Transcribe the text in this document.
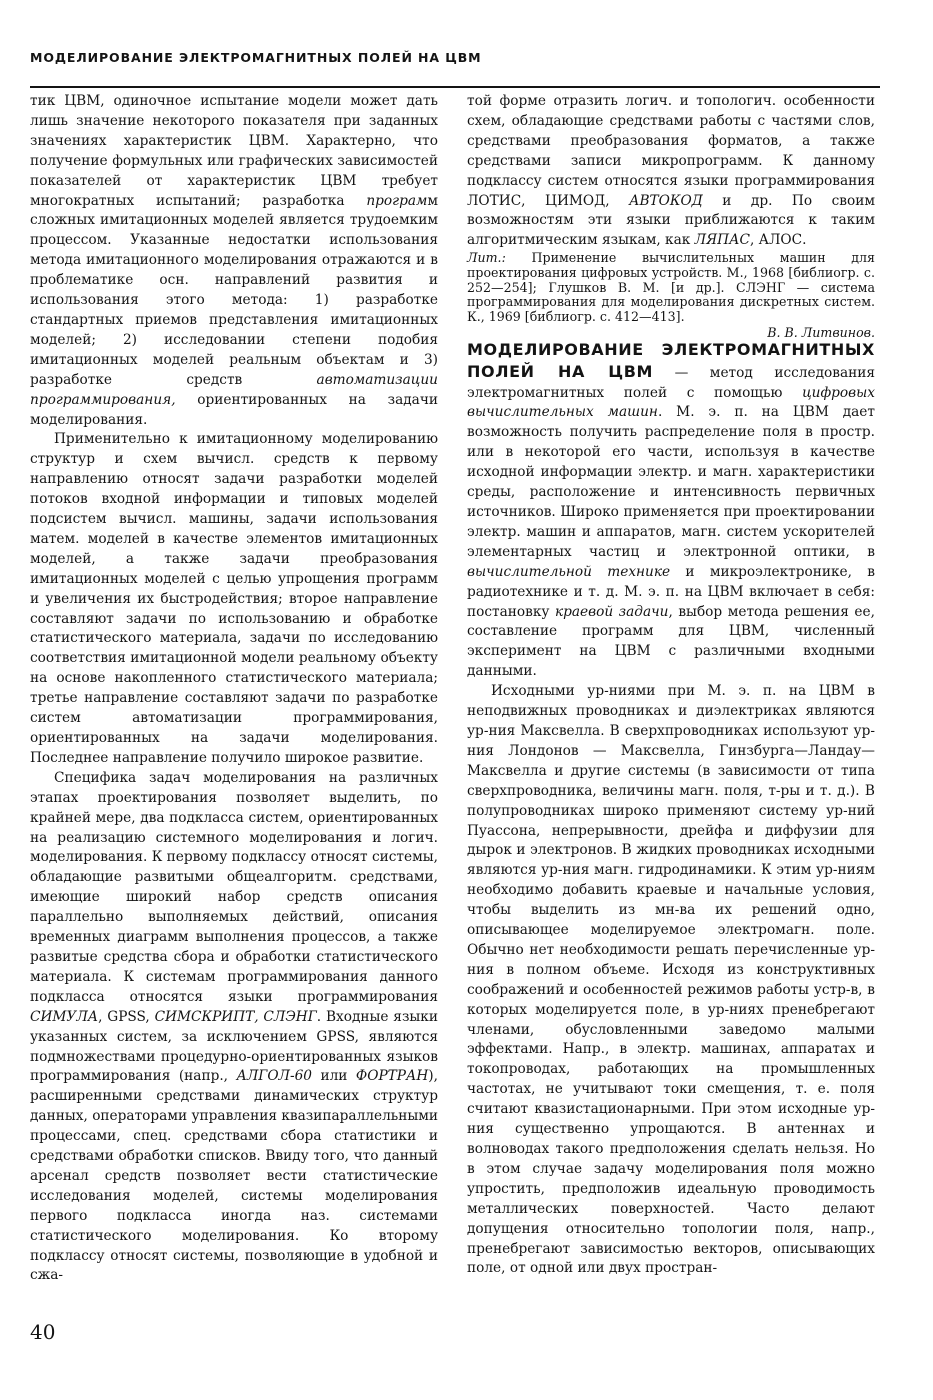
МОДЕЛИРОВАНИЕ ЭЛЕКТРОМАГНИТНЫХ ПОЛЕЙ НА ЦВМ

тик ЦВМ, одиночное испытание модели может дать лишь значение некоторого показателя при заданных значениях характеристик ЦВМ. Характерно, что получение формульных или графических зависимостей показателей от характеристик ЦВМ требует многократных испытаний; разработка программ сложных имитационных моделей является трудоемким процессом. Указанные недостатки использования метода имитационного моделирования отражаются и в проблематике осн. направлений развития и использования этого метода: 1) разработке стандартных приемов представления имитационных моделей; 2) исследовании степени подобия имитационных моделей реальным объектам и 3) разработке средств автоматизации программирования, ориентированных на задачи моделирования.

Применительно к имитационному моделированию структур и схем вычисл. средств к первому направлению относят задачи разработки моделей потоков входной информации и типовых моделей подсистем вычисл. машины, задачи использования матем. моделей в качестве элементов имитационных моделей, а также задачи преобразования имитационных моделей с целью упрощения программ и увеличения их быстродействия; второе направление составляют задачи по использованию и обработке статистического материала, задачи по исследованию соответствия имитационной модели реальному объекту на основе накопленного статистического материала; третье направление составляют задачи по разработке систем автоматизации программирования, ориентированных на задачи моделирования. Последнее направление получило широкое развитие.

Специфика задач моделирования на различных этапах проектирования позволяет выделить, по крайней мере, два подкласса систем, ориентированных на реализацию системного моделирования и логич. моделирования. К первому подклассу относят системы, обладающие развитыми общеалгоритм. средствами, имеющие широкий набор средств описания параллельно выполняемых действий, описания временных диаграмм выполнения процессов, а также развитые средства сбора и обработки статистического материала. К системам программирования данного подкласса относятся языки программирования СИМУЛА, GPSS, СИМСКРИПТ, СЛЭНГ. Входные языки указанных систем, за исключением GPSS, являются подмножествами процедурно-ориентированных языков программирования (напр., АЛГОЛ-60 или ФОРТРАН), расширенными средствами динамических структур данных, операторами управления квазипараллельными процессами, спец. средствами сбора статистики и средствами обработки списков. Ввиду того, что данный арсенал средств позволяет вести статистические исследования моделей, системы моделирования первого подкласса иногда наз. системами статистического моделирования. Ко второму подклассу относят системы, позволяющие в удобной и сжа-

той форме отразить логич. и топологич. особенности схем, обладающие средствами работы с частями слов, средствами преобразования форматов, а также средствами записи микропрограмм. К данному подклассу систем относятся языки программирования ЛОТИС, ЦИМОД, АВТОКОД и др. По своим возможностям эти языки приближаются к таким алгоритмическим языкам, как ЛЯПАС, АЛОС.

Лит.: Применение вычислительных машин для проектирования цифровых устройств. М., 1968 [библиогр. с. 252—254]; Глушков В. М. [и др.]. СЛЭНГ — система программирования для моделирования дискретных систем. К., 1969 [библиогр. с. 412—413].

В. В. Литвинов.

МОДЕЛИРОВАНИЕ ЭЛЕКТРОМАГНИТНЫХ ПОЛЕЙ НА ЦВМ — метод исследования электромагнитных полей с помощью цифровых вычислительных машин. М. э. п. на ЦВМ дает возможность получить распределение поля в простр. или в некоторой его части, используя в качестве исходной информации электр. и магн. характеристики среды, расположение и интенсивность первичных источников. Широко применяется при проектировании электр. машин и аппаратов, магн. систем ускорителей элементарных частиц и электронной оптики, в вычислительной технике и микроэлектронике, в радиотехнике и т. д. М. э. п. на ЦВМ включает в себя: постановку краевой задачи, выбор метода решения ее, составление программ для ЦВМ, численный эксперимент на ЦВМ с различными входными данными.

Исходными ур-ниями при М. э. п. на ЦВМ в неподвижных проводниках и диэлектриках являются ур-ния Максвелла. В сверхпроводниках используют ур-ния Лондонов — Максвелла, Гинзбурга—Ландау—Максвелла и другие системы (в зависимости от типа сверхпроводника, величины магн. поля, т-ры и т. д.). В полупроводниках широко применяют систему ур-ний Пуассона, непрерывности, дрейфа и диффузии для дырок и электронов. В жидких проводниках исходными являются ур-ния магн. гидродинамики. К этим ур-ниям необходимо добавить краевые и начальные условия, чтобы выделить из мн-ва их решений одно, описывающее моделируемое электромагн. поле. Обычно нет необходимости решать перечисленные ур-ния в полном объеме. Исходя из конструктивных соображений и особенностей режимов работы устр-в, в которых моделируется поле, в ур-ниях пренебрегают членами, обусловленными заведомо малыми эффектами. Напр., в электр. машинах, аппаратах и токопроводах, работающих на промышленных частотах, не учитывают токи смещения, т. е. поля считают квазистационарными. При этом исходные ур-ния существенно упрощаются. В антеннах и волноводах такого предположения сделать нельзя. Но в этом случае задачу моделирования поля можно упростить, предположив идеальную проводимость металлических поверхностей. Часто делают допущения относительно топологии поля, напр., пренебрегают зависимостью векторов, описывающих поле, от одной или двух простран-

40
